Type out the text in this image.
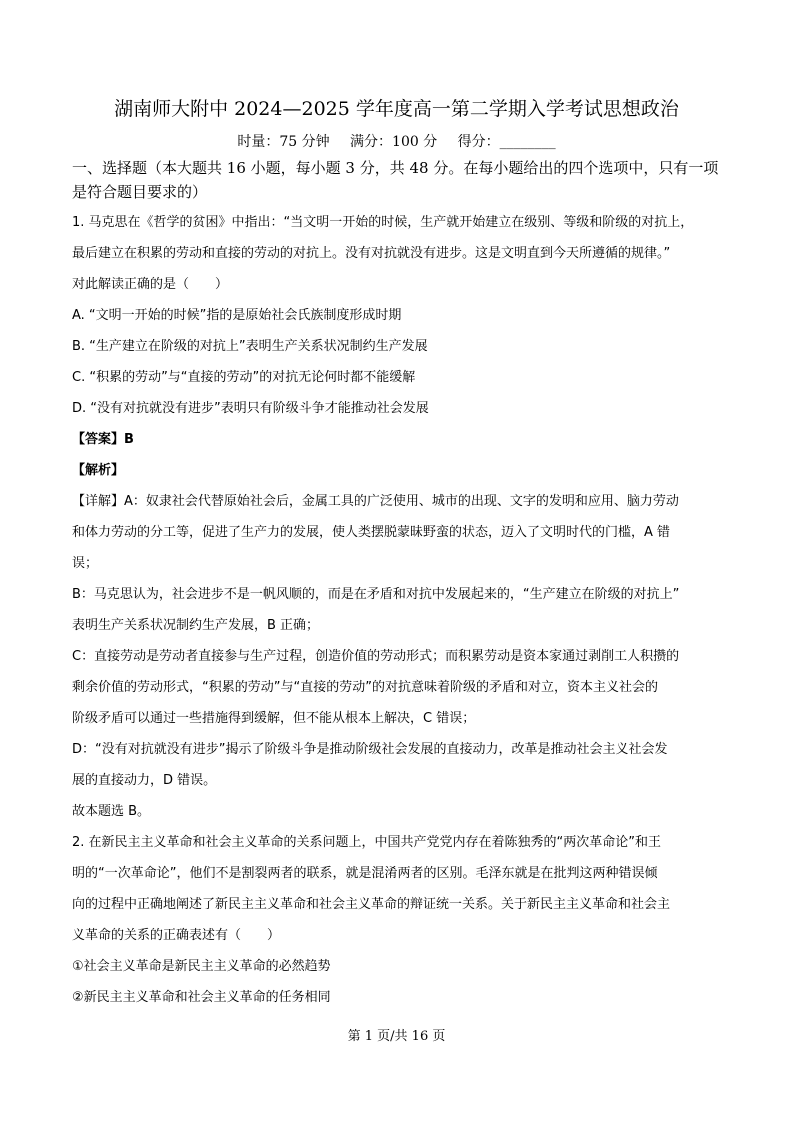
湖南师大附中 2024—2025 学年度高一第二学期入学考试思想政治
时量：75 分钟 满分：100 分 得分：________
一、选择题（本大题共 16 小题，每小题 3 分，共 48 分。在每小题给出的四个选项中，只有一项是符合题目要求的）
1. 马克思在《哲学的贫困》中指出：“当文明一开始的时候，生产就开始建立在级别、等级和阶级的对抗上，
最后建立在积累的劳动和直接的劳动的对抗上。没有对抗就没有进步。这是文明直到今天所遵循的规律。”
对此解读正确的是（　　）
A. “文明一开始的时候”指的是原始社会氏族制度形成时期
B. “生产建立在阶级的对抗上”表明生产关系状况制约生产发展
C. “积累的劳动”与“直接的劳动”的对抗无论何时都不能缓解
D. “没有对抗就没有进步”表明只有阶级斗争才能推动社会发展
【答案】B
【解析】
【详解】A：奴隶社会代替原始社会后，金属工具的广泛使用、城市的出现、文字的发明和应用、脑力劳动
和体力劳动的分工等，促进了生产力的发展，使人类摆脱蒙昧野蛮的状态，迈入了文明时代的门槛，A 错
误；
B：马克思认为，社会进步不是一帆风顺的，而是在矛盾和对抗中发展起来的，“生产建立在阶级的对抗上”
表明生产关系状况制约生产发展，B 正确；
C：直接劳动是劳动者直接参与生产过程，创造价值的劳动形式；而积累劳动是资本家通过剥削工人积攒的
剩余价值的劳动形式，“积累的劳动”与“直接的劳动”的对抗意味着阶级的矛盾和对立，资本主义社会的
阶级矛盾可以通过一些措施得到缓解，但不能从根本上解决，C 错误；
D：“没有对抗就没有进步”揭示了阶级斗争是推动阶级社会发展的直接动力，改革是推动社会主义社会发
展的直接动力，D 错误。
故本题选 B。
2. 在新民主主义革命和社会主义革命的关系问题上，中国共产党党内存在着陈独秀的“两次革命论”和王
明的“一次革命论”，他们不是割裂两者的联系，就是混淆两者的区别。毛泽东就是在批判这两种错误倾
向的过程中正确地阐述了新民主主义革命和社会主义革命的辩证统一关系。关于新民主主义革命和社会主
义革命的关系的正确表述有（　　）
①社会主义革命是新民主主义革命的必然趋势
②新民主主义革命和社会主义革命的任务相同
第 1 页/共 16 页
